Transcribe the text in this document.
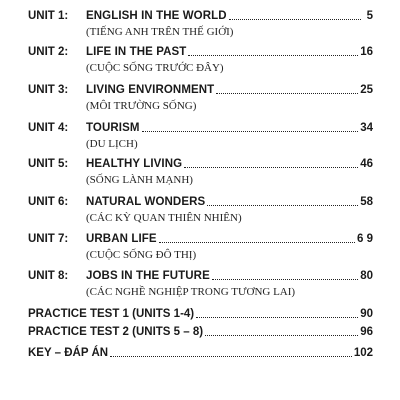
UNIT 1:	ENGLISH IN THE WORLD	5
(TIẾNG ANH TRÊN THẾ GIỚI)
UNIT 2:	LIFE IN THE PAST	16
(CUỘC SỐNG TRƯỚC ĐÂY)
UNIT 3:	LIVING ENVIRONMENT	25
(MÔI TRƯỜNG SỐNG)
UNIT 4:	TOURISM	34
(DU LỊCH)
UNIT 5:	HEALTHY LIVING	46
(SỐNG LÀNH MẠNH)
UNIT 6:	NATURAL WONDERS	58
(CÁC KỲ QUAN THIÊN NHIÊN)
UNIT 7:	URBAN LIFE	6 9
(CUỘC SỐNG ĐÔ THỊ)
UNIT 8:	JOBS IN THE FUTURE	80
(CÁC NGHỀ NGHIỆP TRONG TƯƠNG LAI)
PRACTICE TEST 1 (UNITS 1-4)	90
PRACTICE TEST 2 (UNITS 5 – 8)	96
KEY – ĐÁP ÁN	102
